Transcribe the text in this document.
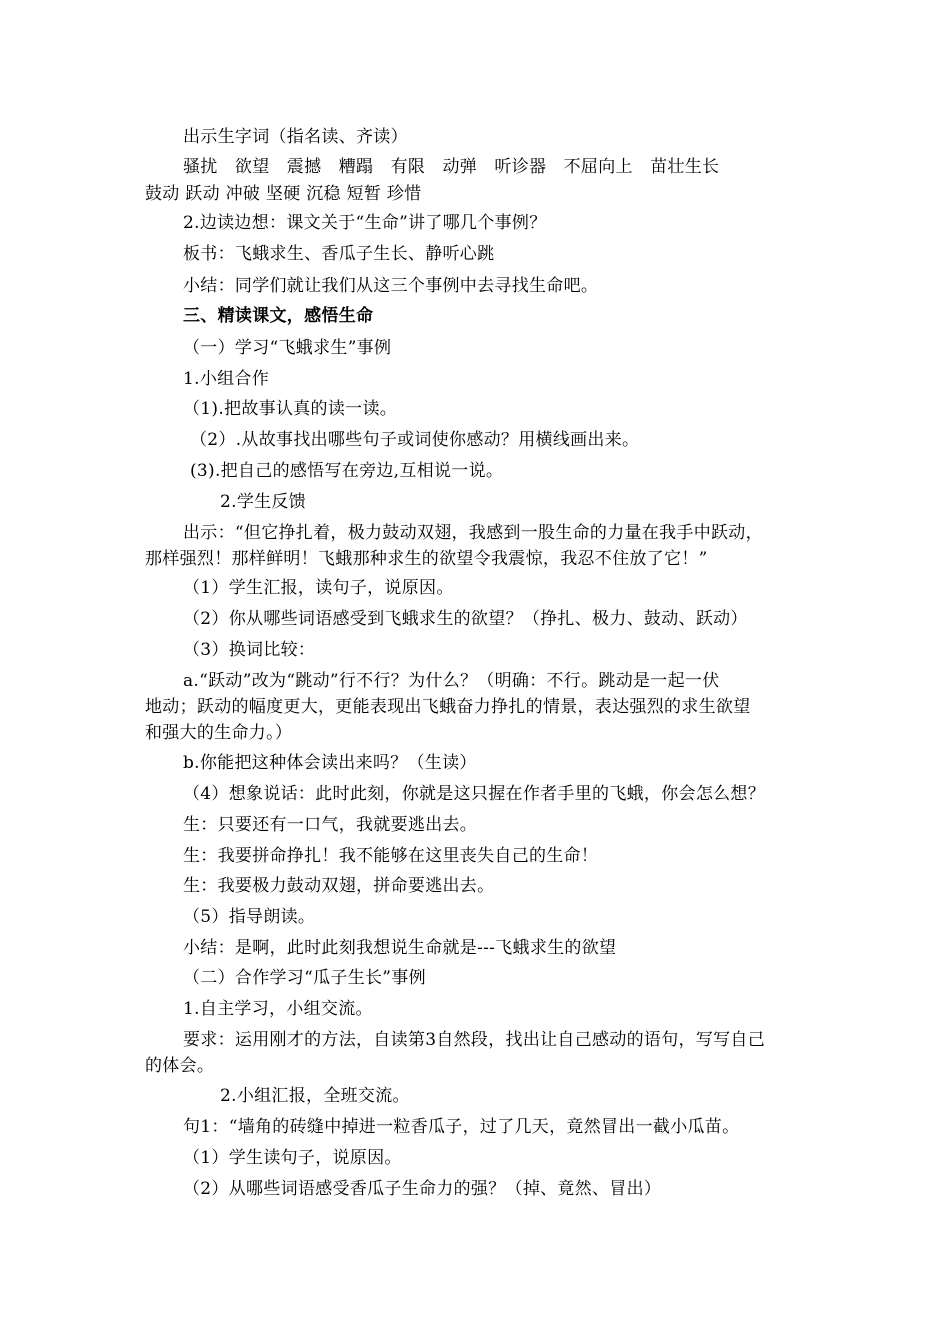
出示生字词（指名读、齐读）
骚扰　欲望　震撼　糟蹋　有限　动弹　听诊器　不屈向上　苗壮生长
鼓动 跃动 冲破 坚硬 沉稳 短暂 珍惜
2.边读边想：课文关于“生命”讲了哪几个事例？
板书：飞蛾求生、香瓜子生长、静听心跳
小结：同学们就让我们从这三个事例中去寻找生命吧。
三、精读课文，感悟生命
（一）学习“飞蛾求生”事例
1.小组合作
（1).把故事认真的读一读。
（2）.从故事找出哪些句子或词使你感动？用横线画出来。
(3).把自己的感悟写在旁边,互相说一说。
2.学生反馈
出示：“但它挣扎着，极力鼓动双翅，我感到一股生命的力量在我手中跃动，
那样强烈！那样鲜明！飞蛾那种求生的欲望令我震惊，我忍不住放了它！”
（1）学生汇报，读句子，说原因。
（2）你从哪些词语感受到飞蛾求生的欲望？（挣扎、极力、鼓动、跃动）
（3）换词比较：
a.“跃动”改为“跳动”行不行？为什么？（明确：不行。跳动是一起一伏
地动；跃动的幅度更大，更能表现出飞蛾奋力挣扎的情景，表达强烈的求生欲望
和强大的生命力。）
b.你能把这种体会读出来吗？（生读）
（4）想象说话：此时此刻，你就是这只握在作者手里的飞蛾，你会怎么想？
生：只要还有一口气，我就要逃出去。
生：我要拼命挣扎！我不能够在这里丧失自己的生命！
生：我要极力鼓动双翅，拼命要逃出去。
（5）指导朗读。
小结：是啊，此时此刻我想说生命就是---飞蛾求生的欲望
（二）合作学习“瓜子生长”事例
1.自主学习，小组交流。
要求：运用刚才的方法，自读第3自然段，找出让自己感动的语句，写写自己
的体会。
2.小组汇报，全班交流。
句1：“墙角的砖缝中掉进一粒香瓜子，过了几天，竟然冒出一截小瓜苗。
（1）学生读句子，说原因。
（2）从哪些词语感受香瓜子生命力的强？（掉、竟然、冒出）
